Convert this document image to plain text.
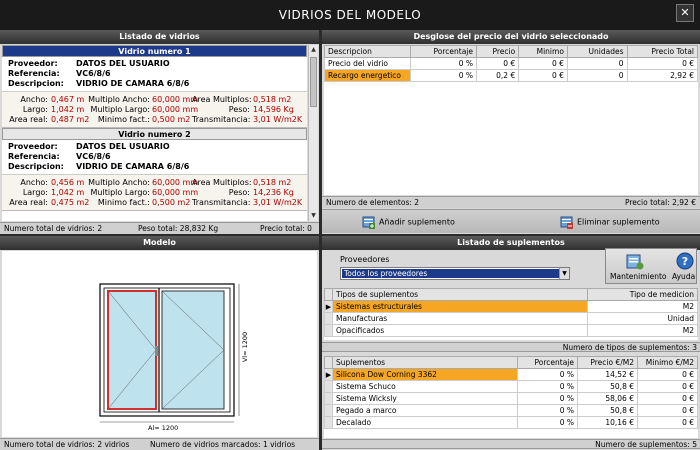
VIDRIOS DEL MODELO	✕
Listado de vidrios
Vidrio numero 1
Proveedor: DATOS DEL USUARIO
Referencia: VC6/8/6
Descripcion: VIDRIO DE CAMARA 6/8/6
Ancho: 0,467 m
Largo: 1,042 m
Area real: 0,487 m2
Multiplo Ancho: 60,000 mm
Multiplo Largo: 60,000 mm
Minimo fact.: 0,500 m2
Area Multiplos: 0,518 m2
Peso: 14,596 Kg
Transmitancia: 3,01 W/m2K
Vidrio numero 2
Proveedor: DATOS DEL USUARIO
Referencia: VC6/8/6
Descripcion: VIDRIO DE CAMARA 6/8/6
Ancho: 0,456 m
Largo: 1,042 m
Area real: 0,475 m2
Multiplo Ancho: 60,000 mm
Multiplo Largo: 60,000 mm
Minimo fact.: 0,500 m2
Area Multiplos: 0,518 m2
Peso: 14,236 Kg
Transmitancia: 3,01 W/m2K
▲
▼
Numero total de vidrios: 2	Peso total: 28,832 Kg	Precio total: 0
Desglose del precio del vidrio seleccionado
Descripcion	Porcentaje	Precio	Minimo	Unidades	Precio Total
Precio del vidrio	0 %	0 €	0 €	0	0 €
Recargo energetico	0 %	0,2 €	0 €	0	2,92 €
Numero de elementos: 2	Precio total: 2,92 €
Añadir suplemento	Eliminar suplemento
Modelo
Vl= 1200
Al= 1200
Numero total de vidrios: 2 vidrios	Numero de vidrios marcados: 1 vidrios
Listado de suplementos
Proveedores
Todos los proveedores	▼	Mantenimiento
?
Ayuda
	Tipos de suplementos	Tipo de medicion
▶	Sistemas estructurales	M2
	Manufacturas	Unidad
	Opacificados	M2
Numero de tipos de suplementos: 3
	Suplementos	Porcentaje	Precio €/M2	Minimo €/M2
▶	Silicona Dow Corning 3362	0 %	14,52 €	0 €
	Sistema Schuco	0 %	50,8 €	0 €
	Sistema Wicksly	0 %	58,06 €	0 €
	Pegado a marco	0 %	50,8 €	0 €
	Decalado	0 %	10,16 €	0 €
Numero de suplementos: 5
